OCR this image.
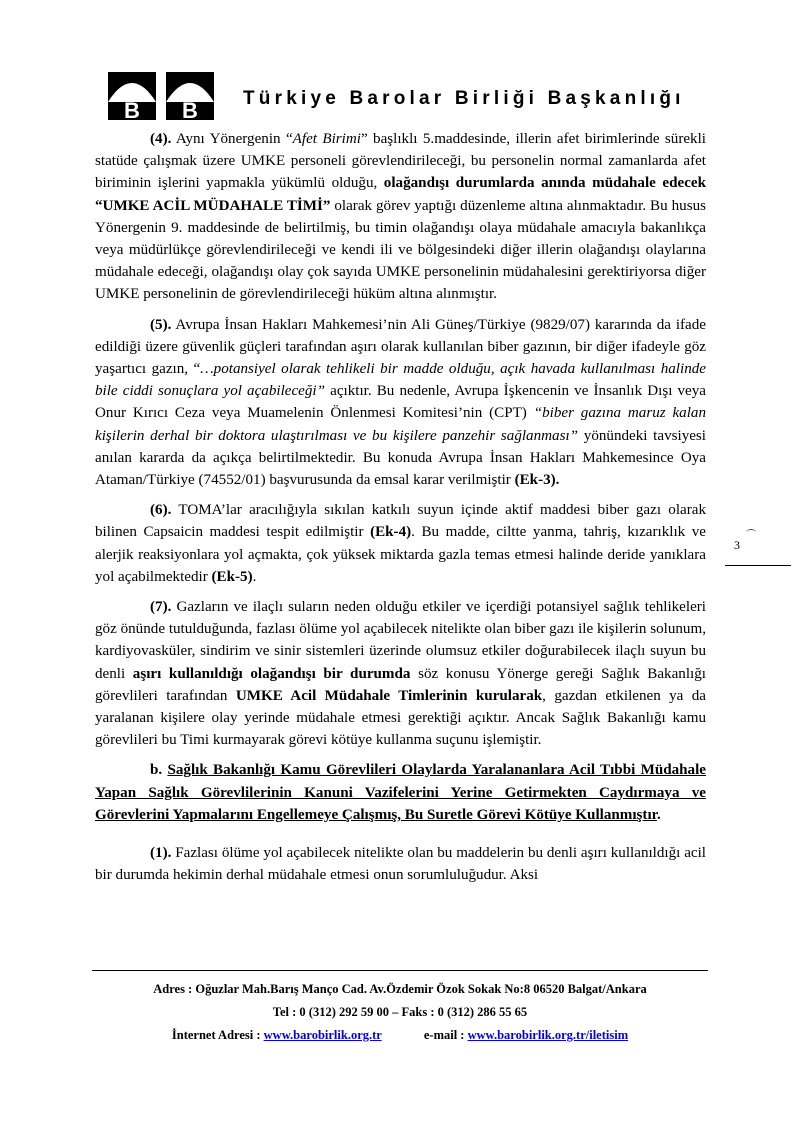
B B Türkiye Barolar Birliği Başkanlığı

(4). Aynı Yönergenin “Afet Birimi” başlıklı 5.maddesinde, illerin afet birimlerinde sürekli statüde çalışmak üzere UMKE personeli görevlendirileceği, bu personelin normal zamanlarda afet biriminin işlerini yapmakla yükümlü olduğu, olağandışı durumlarda anında müdahale edecek “UMKE ACİL MÜDAHALE TİMİ” olarak görev yaptığı düzenleme altına alınmaktadır. Bu husus Yönergenin 9. maddesinde de belirtilmiş, bu timin olağandışı olaya müdahale amacıyla bakanlıkça veya müdürlükçe görevlendirileceği ve kendi ili ve bölgesindeki diğer illerin olağandışı olaylarına müdahale edeceği, olağandışı olay çok sayıda UMKE personelinin müdahalesini gerektiriyorsa diğer UMKE personelinin de görevlendirileceği hüküm altına alınmıştır.

(5). Avrupa İnsan Hakları Mahkemesi’nin Ali Güneş/Türkiye (9829/07) kararında da ifade edildiği üzere güvenlik güçleri tarafından aşırı olarak kullanılan biber gazının, bir diğer ifadeyle göz yaşartıcı gazın, “…potansiyel olarak tehlikeli bir madde olduğu, açık havada kullanılması halinde bile ciddi sonuçlara yol açabileceği” açıktır. Bu nedenle, Avrupa İşkencenin ve İnsanlık Dışı veya Onur Kırıcı Ceza veya Muamelenin Önlenmesi Komitesi’nin (CPT) “biber gazına maruz kalan kişilerin derhal bir doktora ulaştırılması ve bu kişilere panzehir sağlanması” yönündeki tavsiyesi anılan kararda da açıkça belirtilmektedir. Bu konuda Avrupa İnsan Hakları Mahkemesince Oya Ataman/Türkiye (74552/01) başvurusunda da emsal karar verilmiştir (Ek-3).

(6). TOMA’lar aracılığıyla sıkılan katkılı suyun içinde aktif maddesi biber gazı olarak bilinen Capsaicin maddesi tespit edilmiştir (Ek-4). Bu madde, ciltte yanma, tahriş, kızarıklık ve alerjik reaksiyonlara yol açmakta, çok yüksek miktarda gazla temas etmesi halinde deride yanıklara yol açabilmektedir (Ek-5).

(7). Gazların ve ilaçlı suların neden olduğu etkiler ve içerdiği potansiyel sağlık tehlikeleri göz önünde tutulduğunda, fazlası ölüme yol açabilecek nitelikte olan biber gazı ile kişilerin solunum, kardiyovasküler, sindirim ve sinir sistemleri üzerinde olumsuz etkiler doğurabilecek ilaçlı suyun bu denli aşırı kullanıldığı olağandışı bir durumda söz konusu Yönerge gereği Sağlık Bakanlığı görevlileri tarafından UMKE Acil Müdahale Timlerinin kurularak, gazdan etkilenen ya da yaralanan kişilere olay yerinde müdahale etmesi gerektiği açıktır. Ancak Sağlık Bakanlığı kamu görevlileri bu Timi kurmayarak görevi kötüye kullanma suçunu işlemiştir.

b. Sağlık Bakanlığı Kamu Görevlileri Olaylarda Yaralananlara Acil Tıbbi Müdahale Yapan Sağlık Görevlilerinin Kanuni Vazifelerini Yerine Getirmekten Caydırmaya ve Görevlerini Yapmalarını Engellemeye Çalışmış, Bu Suretle Görevi Kötüye Kullanmıştır.

(1). Fazlası ölüme yol açabilecek nitelikte olan bu maddelerin bu denli aşırı kullanıldığı acil bir durumda hekimin derhal müdahale etmesi onun sorumluluğudur. Aksi

3

Adres : Oğuzlar Mah.Barış Manço Cad. Av.Özdemir Özok Sokak No:8 06520 Balgat/Ankara

Tel : 0 (312) 292 59 00 – Faks : 0 (312) 286 55 65

İnternet Adresi : www.barobirlik.org.tr	e-mail : www.barobirlik.org.tr/iletisim
